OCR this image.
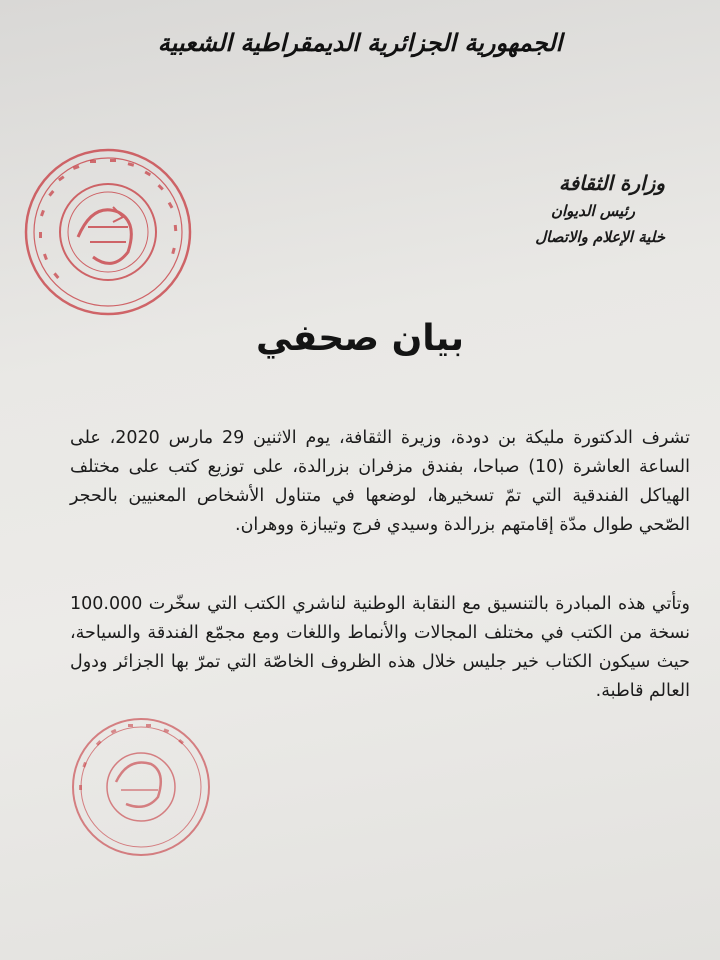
الجمهورية الجزائرية الديمقراطية الشعبية
وزارة الثقافة
رئيس الديوان
خلية الإعلام والاتصال
بيان صحفي
تشرف الدكتورة مليكة بن دودة، وزيرة الثقافة، يوم الاثنين 29 مارس 2020، على الساعة العاشرة (10) صباحا، بفندق مزفران بزرالدة، على توزيع كتب على مختلف الهياكل الفندقية التي تمّ تسخيرها، لوضعها في متناول الأشخاص المعنيين بالحجر الصّحي طوال مدّة إقامتهم بزرالدة وسيدي فرج وتيبازة ووهران.
وتأتي هذه المبادرة بالتنسيق مع النقابة الوطنية لناشري الكتب التي سخّرت 100.000 نسخة من الكتب في مختلف المجالات والأنماط واللغات ومع مجمّع الفندقة والسياحة، حيث سيكون الكتاب خير جليس خلال هذه الظروف الخاصّة التي تمرّ بها الجزائر ودول العالم قاطبة.
